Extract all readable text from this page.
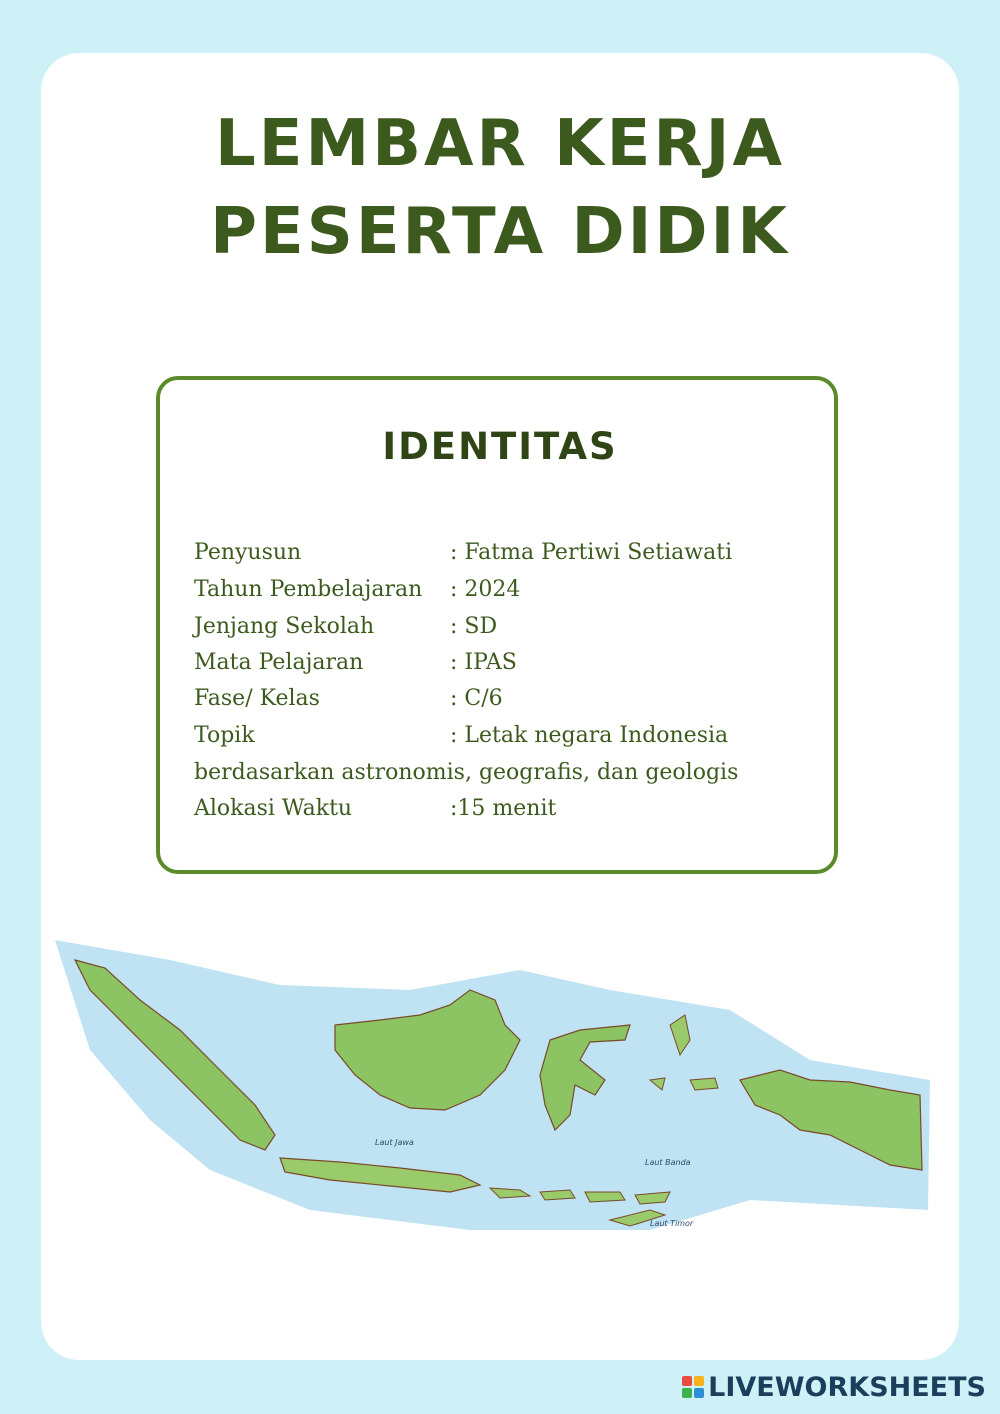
LEMBAR KERJA
PESERTA DIDIK
IDENTITAS
Penyusun	: Fatma Pertiwi Setiawati
Tahun Pembelajaran : 2024
Jenjang Sekolah	: SD
Mata Pelajaran	: IPAS
Fase/ Kelas	: C/6
Topik	: Letak negara Indonesia
berdasarkan astronomis, geografis, dan geologis
Alokasi Waktu	:15 menit
Laut Jawa
Laut Banda
Laut Timor
LIVEWORKSHEETS
